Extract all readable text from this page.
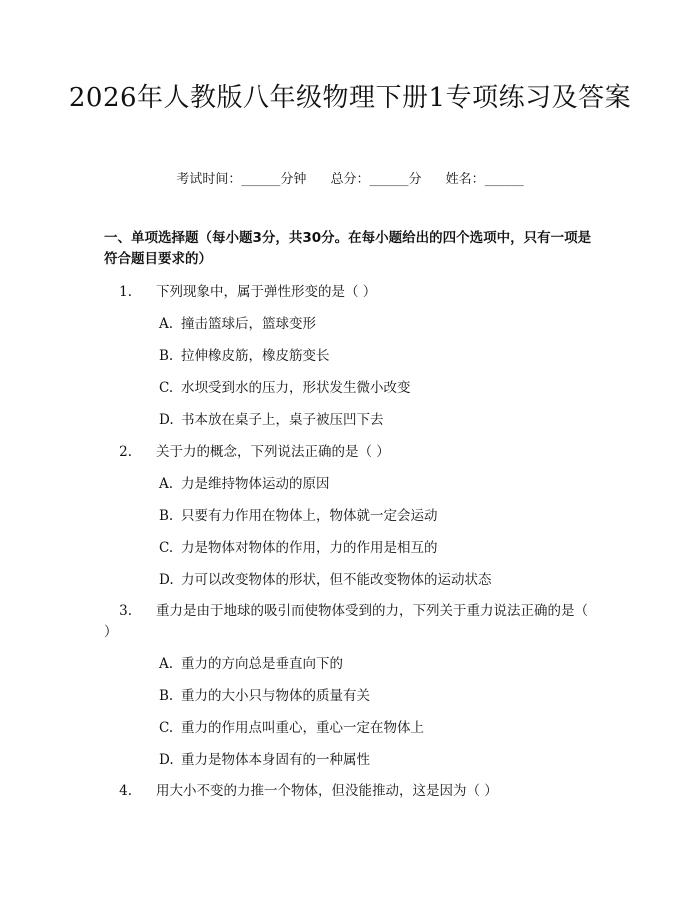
2026年人教版八年级物理下册1专项练习及答案
考试时间：______分钟 总分：______分 姓名：______
一、单项选择题（每小题3分，共30分。在每小题给出的四个选项中，只有一项是符合题目要求的）
1. 下列现象中，属于弹性形变的是（ ）
A. 撞击篮球后，篮球变形
B. 拉伸橡皮筋，橡皮筋变长
C. 水坝受到水的压力，形状发生微小改变
D. 书本放在桌子上，桌子被压凹下去
2. 关于力的概念，下列说法正确的是（ ）
A. 力是维持物体运动的原因
B. 只要有力作用在物体上，物体就一定会运动
C. 力是物体对物体的作用，力的作用是相互的
D. 力可以改变物体的形状，但不能改变物体的运动状态
3. 重力是由于地球的吸引而使物体受到的力，下列关于重力说法正确的是（ ）
A. 重力的方向总是垂直向下的
B. 重力的大小只与物体的质量有关
C. 重力的作用点叫重心，重心一定在物体上
D. 重力是物体本身固有的一种属性
4. 用大小不变的力推一个物体，但没能推动，这是因为（ ）
